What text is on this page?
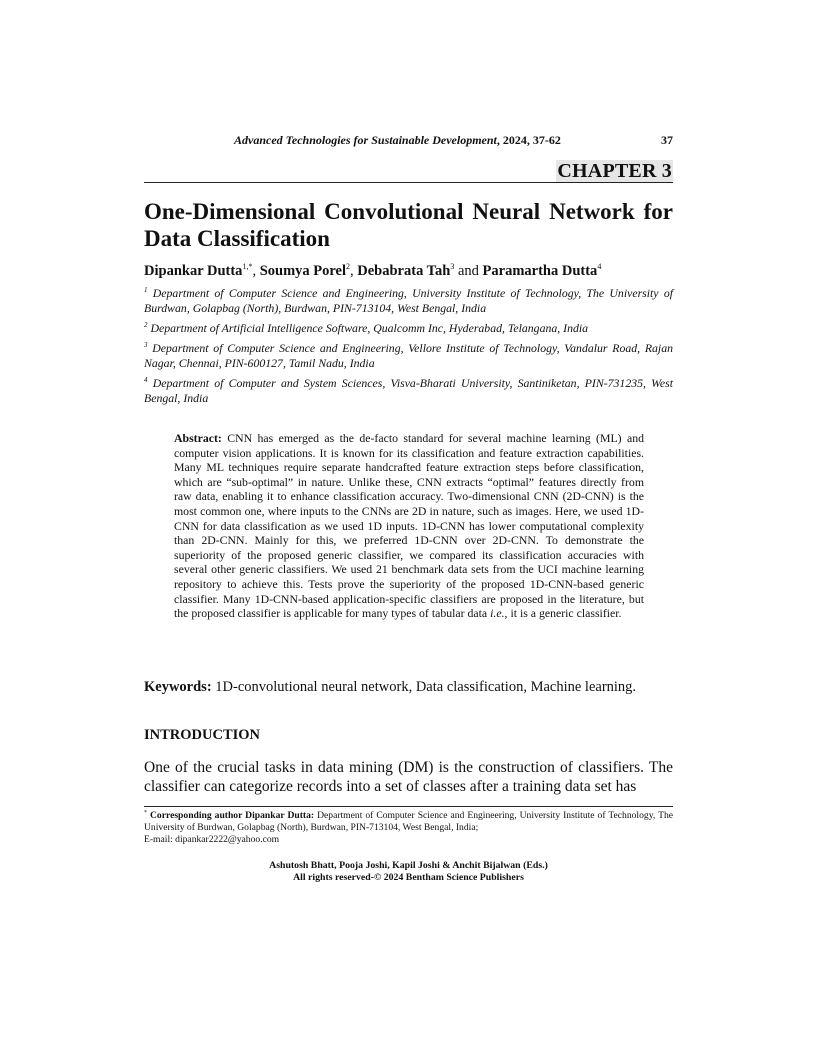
Advanced Technologies for Sustainable Development, 2024, 37-62	37
CHAPTER 3
One-Dimensional Convolutional Neural Network for Data Classification
Dipankar Dutta$^{1,*}$, Soumya Porel$^2$, Debabrata Tah$^3$ and Paramartha Dutta$^4$

$^1$ Department of Computer Science and Engineering, University Institute of Technology, The University of Burdwan, Golapbag (North), Burdwan, PIN-713104, West Bengal, India

$^2$ Department of Artificial Intelligence Software, Qualcomm Inc, Hyderabad, Telangana, India

$^3$ Department of Computer Science and Engineering, Vellore Institute of Technology, Vandalur Road, Rajan Nagar, Chennai, PIN-600127, Tamil Nadu, India

$^4$ Department of Computer and System Sciences, Visva-Bharati University, Santiniketan, PIN-731235, West Bengal, India

Abstract: CNN has emerged as the de-facto standard for several machine learning (ML) and computer vision applications. It is known for its classification and feature extraction capabilities. Many ML techniques require separate handcrafted feature extraction steps before classification, which are “sub-optimal” in nature. Unlike these, CNN extracts “optimal” features directly from raw data, enabling it to enhance classification accuracy. Two-dimensional CNN (2D-CNN) is the most common one, where inputs to the CNNs are 2D in nature, such as images. Here, we used 1D-CNN for data classification as we used 1D inputs. 1D-CNN has lower computational complexity than 2D-CNN. Mainly for this, we preferred 1D-CNN over 2D-CNN. To demonstrate the superiority of the proposed generic classifier, we compared its classification accuracies with several other generic classifiers. We used 21 benchmark data sets from the UCI machine learning repository to achieve this. Tests prove the superiority of the proposed 1D-CNN-based generic classifier. Many 1D-CNN-based application-specific classifiers are proposed in the literature, but the proposed classifier is applicable for many types of tabular data i.e., it is a generic classifier.

Keywords: 1D-convolutional neural network, Data classification, Machine learning.

INTRODUCTION

One of the crucial tasks in data mining (DM) is the construction of classifiers. The classifier can categorize records into a set of classes after a training data set has

* Corresponding author Dipankar Dutta: Department of Computer Science and Engineering, University Institute of Technology, The University of Burdwan, Golapbag (North), Burdwan, PIN-713104, West Bengal, India;
E-mail: dipankar2222@yahoo.com

Ashutosh Bhatt, Pooja Joshi, Kapil Joshi & Anchit Bijalwan (Eds.)
All rights reserved-© 2024 Bentham Science Publishers
